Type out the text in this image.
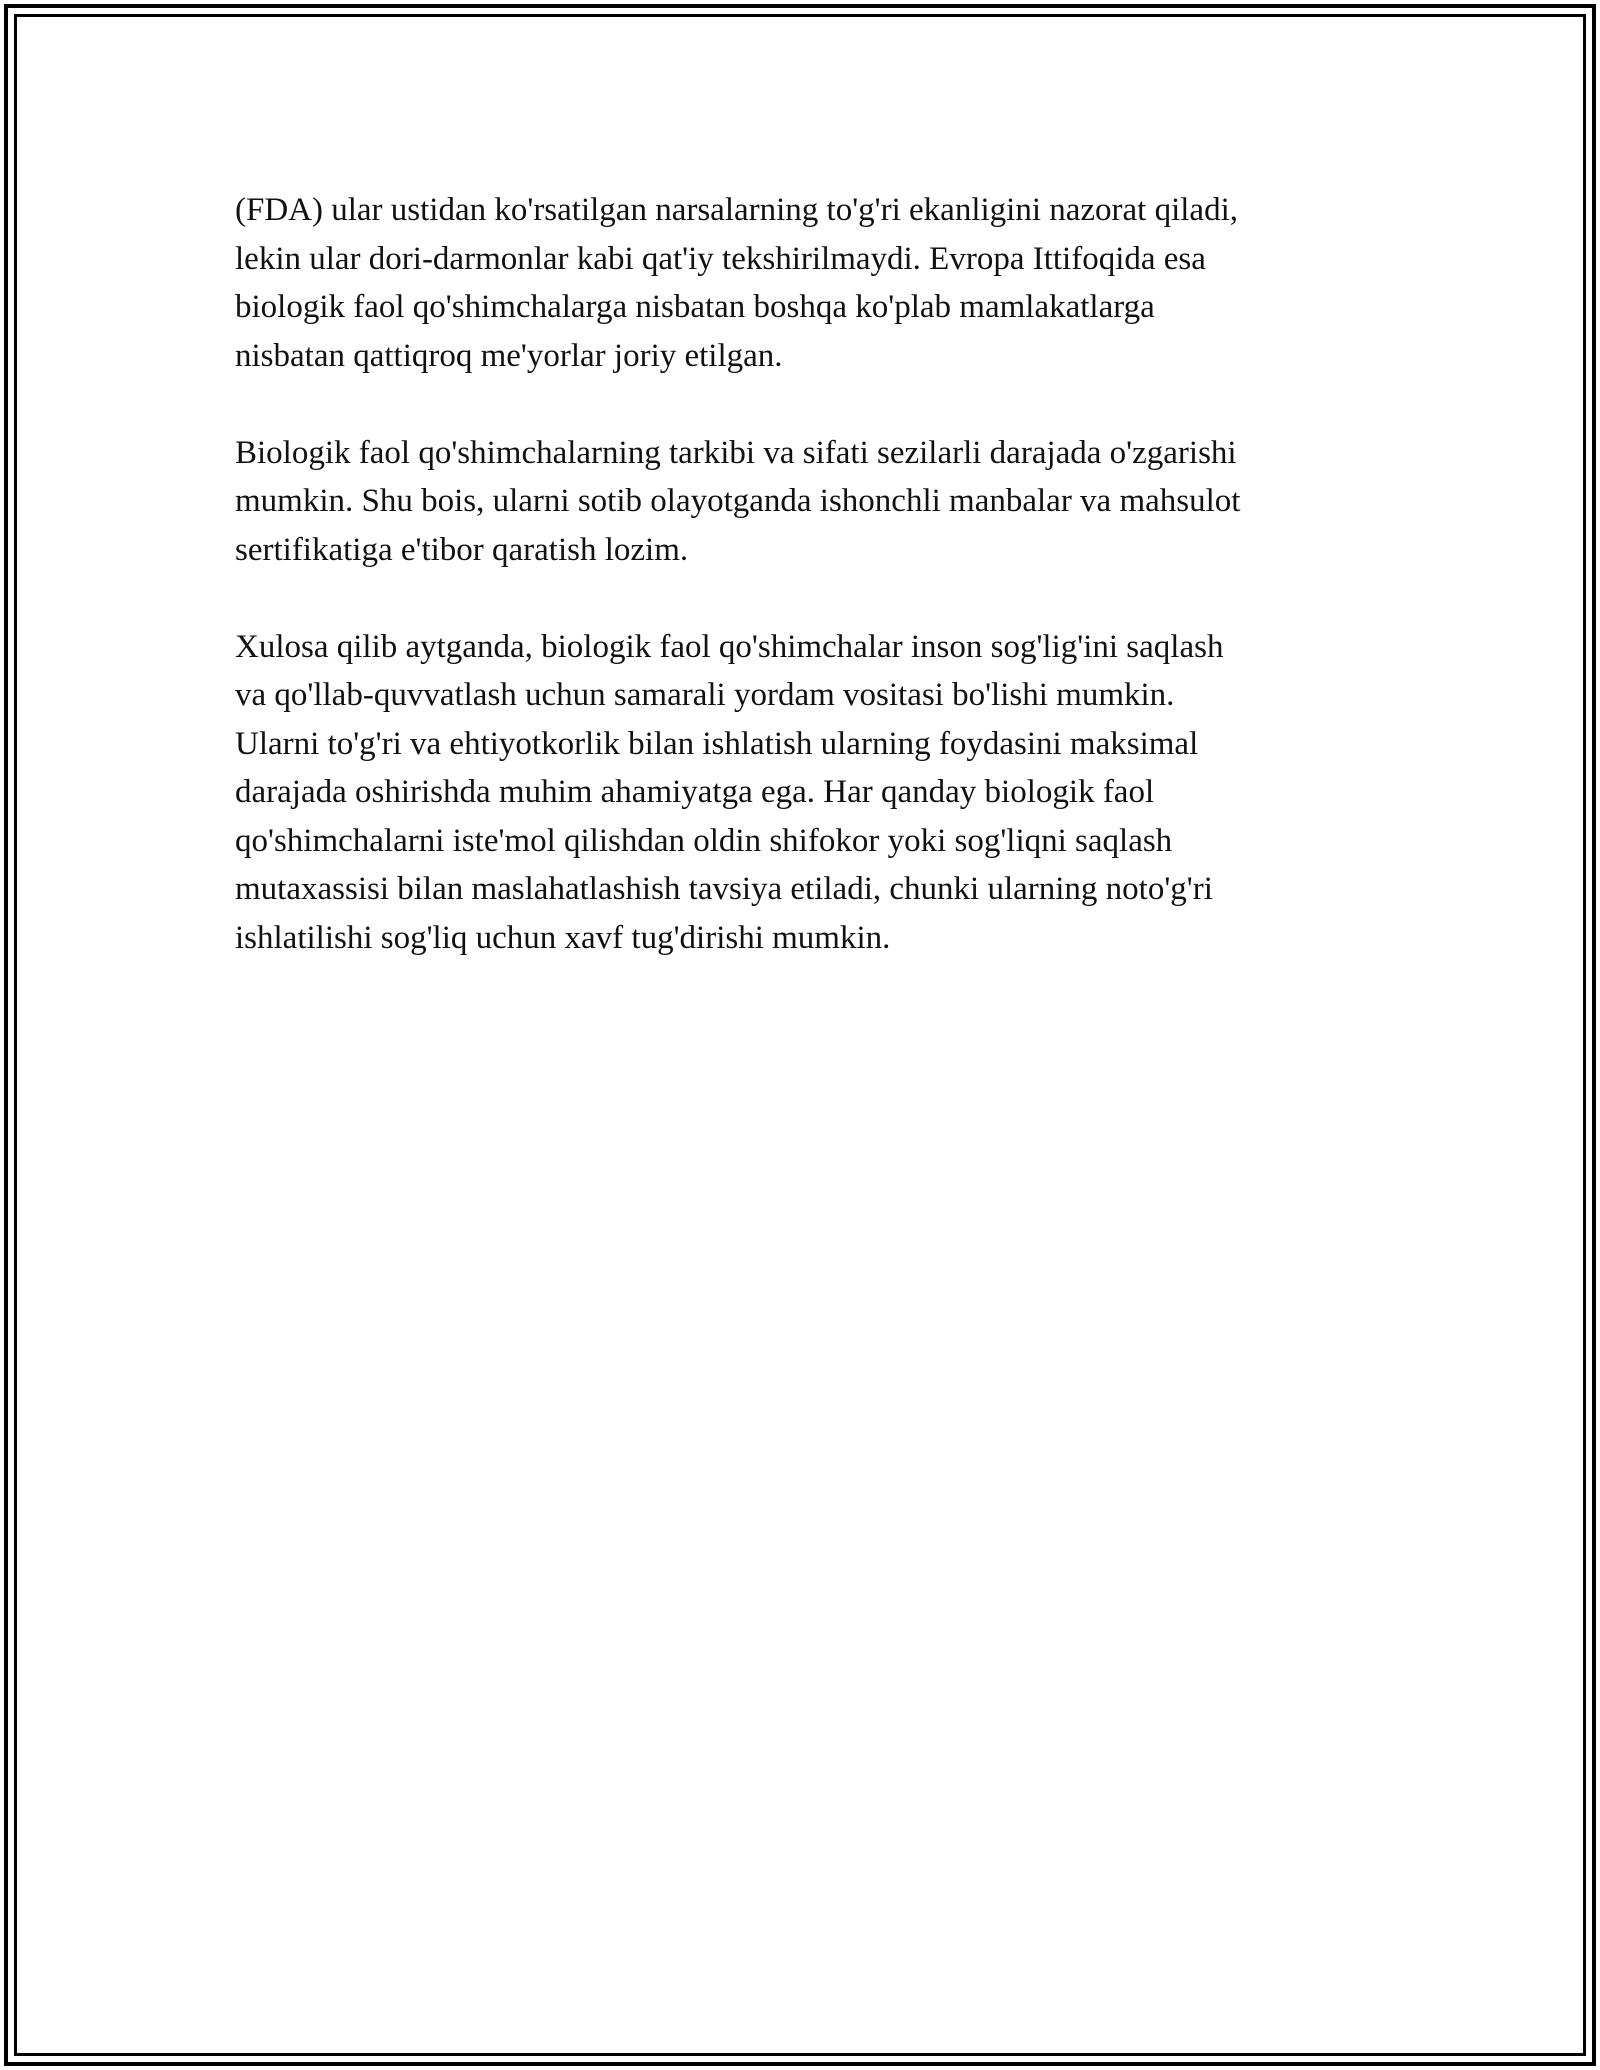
(FDA) ular ustidan ko'rsatilgan narsalarning to'g'ri ekanligini nazorat qiladi,
lekin ular dori-darmonlar kabi qat'iy tekshirilmaydi. Evropa Ittifoqida esa
biologik faol qo'shimchalarga nisbatan boshqa ko'plab mamlakatlarga
nisbatan qattiqroq me'yorlar joriy etilgan.

Biologik faol qo'shimchalarning tarkibi va sifati sezilarli darajada o'zgarishi
mumkin. Shu bois, ularni sotib olayotganda ishonchli manbalar va mahsulot
sertifikatiga e'tibor qaratish lozim.

Xulosa qilib aytganda, biologik faol qo'shimchalar inson sog'lig'ini saqlash
va qo'llab-quvvatlash uchun samarali yordam vositasi bo'lishi mumkin.
Ularni to'g'ri va ehtiyotkorlik bilan ishlatish ularning foydasini maksimal
darajada oshirishda muhim ahamiyatga ega. Har qanday biologik faol
qo'shimchalarni iste'mol qilishdan oldin shifokor yoki sog'liqni saqlash
mutaxassisi bilan maslahatlashish tavsiya etiladi, chunki ularning noto'g'ri
ishlatilishi sog'liq uchun xavf tug'dirishi mumkin.
